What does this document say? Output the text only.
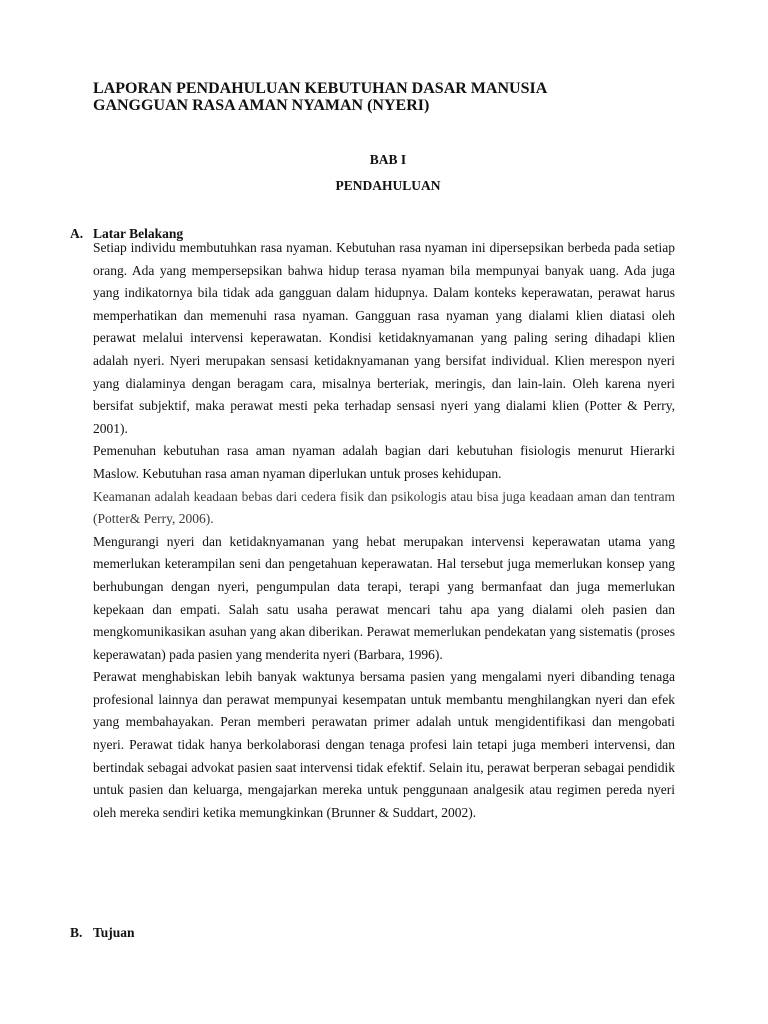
LAPORAN PENDAHULUAN KEBUTUHAN DASAR MANUSIA
GANGGUAN RASA AMAN NYAMAN (NYERI)
BAB I
PENDAHULUAN
A. Latar Belakang

Setiap individu membutuhkan rasa nyaman. Kebutuhan rasa nyaman ini dipersepsikan berbeda pada setiap orang. Ada yang mempersepsikan bahwa hidup terasa nyaman bila mempunyai banyak uang. Ada juga yang indikatornya bila tidak ada gangguan dalam hidupnya. Dalam konteks keperawatan, perawat harus memperhatikan dan memenuhi rasa nyaman. Gangguan rasa nyaman yang dialami klien diatasi oleh perawat melalui intervensi keperawatan. Kondisi ketidaknyamanan yang paling sering dihadapi klien adalah nyeri. Nyeri merupakan sensasi ketidaknyamanan yang bersifat individual. Klien merespon nyeri yang dialaminya dengan beragam cara, misalnya berteriak, meringis, dan lain-lain. Oleh karena nyeri bersifat subjektif, maka perawat mesti peka terhadap sensasi nyeri yang dialami klien (Potter & Perry, 2001).

Pemenuhan kebutuhan rasa aman nyaman adalah bagian dari kebutuhan fisiologis menurut Hierarki Maslow. Kebutuhan rasa aman nyaman diperlukan untuk proses kehidupan.

Keamanan adalah keadaan bebas dari cedera fisik dan psikologis atau bisa juga keadaan aman dan tentram (Potter& Perry, 2006).

Mengurangi nyeri dan ketidaknyamanan yang hebat merupakan intervensi keperawatan utama yang memerlukan keterampilan seni dan pengetahuan keperawatan. Hal tersebut juga memerlukan konsep yang berhubungan dengan nyeri, pengumpulan data terapi, terapi yang bermanfaat dan juga memerlukan kepekaan dan empati. Salah satu usaha perawat mencari tahu apa yang dialami oleh pasien dan mengkomunikasikan asuhan yang akan diberikan. Perawat memerlukan pendekatan yang sistematis (proses keperawatan) pada pasien yang menderita nyeri (Barbara, 1996).

Perawat menghabiskan lebih banyak waktunya bersama pasien yang mengalami nyeri dibanding tenaga profesional lainnya dan perawat mempunyai kesempatan untuk membantu menghilangkan nyeri dan efek yang membahayakan. Peran memberi perawatan primer adalah untuk mengidentifikasi dan mengobati nyeri. Perawat tidak hanya berkolaborasi dengan tenaga profesi lain tetapi juga memberi intervensi, dan bertindak sebagai advokat pasien saat intervensi tidak efektif. Selain itu, perawat berperan sebagai pendidik untuk pasien dan keluarga, mengajarkan mereka untuk penggunaan analgesik atau regimen pereda nyeri oleh mereka sendiri ketika memungkinkan (Brunner & Suddart, 2002).

B. Tujuan
